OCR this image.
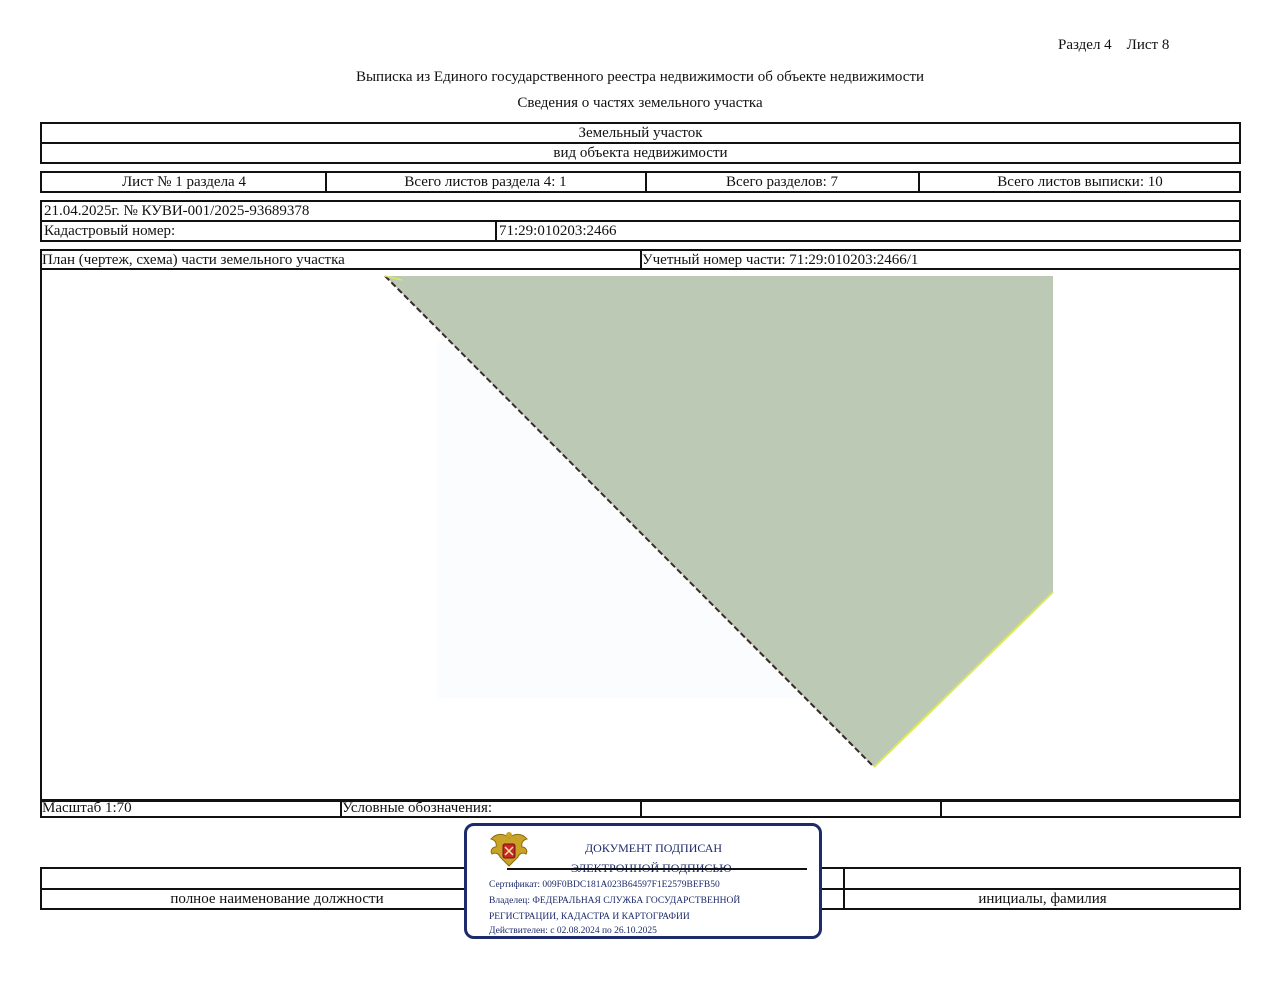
Раздел 4    Лист 8
Выписка из Единого государственного реестра недвижимости об объекте недвижимости
Сведения о частях земельного участка
Земельный участок
вид объекта недвижимости
Лист № 1 раздела 4	Всего листов раздела 4: 1	Всего разделов: 7	Всего листов выписки: 10
21.04.2025г. № КУВИ-001/2025-93689378
Кадастровый номер:	71:29:010203:2466
План (чертеж, схема) части земельного участка	Учетный номер части: 71:29:010203:2466/1
Масштаб 1:70	Условные обозначения:
полное наименование должности	инициалы, фамилия

ДОКУМЕНТ ПОДПИСАН
ЭЛЕКТРОННОЙ ПОДПИСЬЮ
Сертификат: 009F0BDC181A023B64597F1E2579BEFB50
Владелец: ФЕДЕРАЛЬНАЯ СЛУЖБА ГОСУДАРСТВЕННОЙ
РЕГИСТРАЦИИ, КАДАСТРА И КАРТОГРАФИИ
Действителен: с 02.08.2024 по 26.10.2025
